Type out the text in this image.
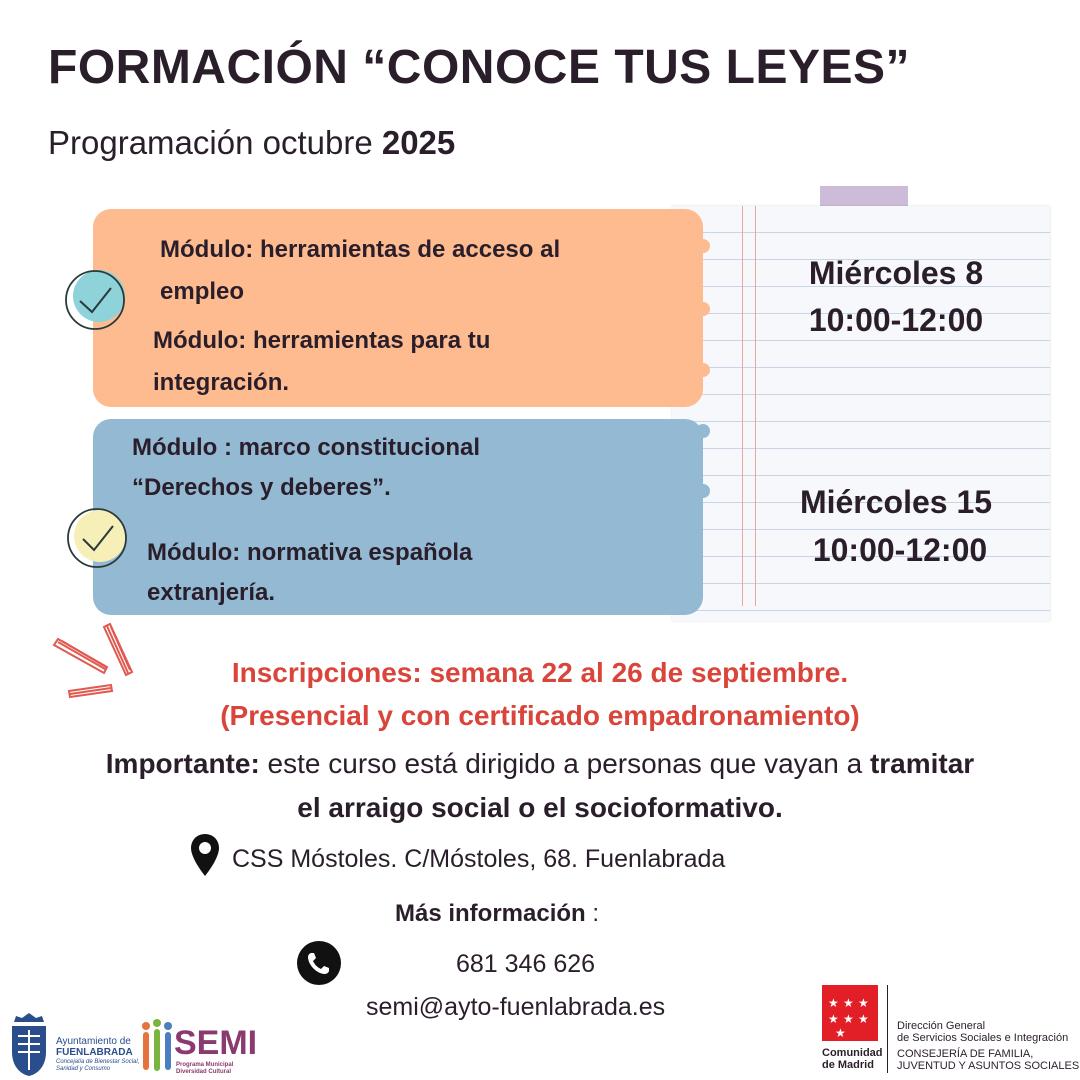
FORMACIÓN “CONOCE TUS LEYES”
Programación octubre 2025
Módulo: herramientas de acceso al
empleo
Módulo: herramientas para tu
integración.
Módulo : marco constitucional
“Derechos y deberes”.
Módulo: normativa española
extranjería.
Miércoles 8
10:00-12:00
Miércoles 15
10:00-12:00
Inscripciones: semana 22 al 26 de septiembre.
(Presencial y con certificado empadronamiento)
Importante: este curso está dirigido a personas que vayan a tramitar
el arraigo social o el socioformativo.
CSS Móstoles. C/Móstoles, 68. Fuenlabrada
Más información :
681 346 626
semi@ayto-fuenlabrada.es
Ayuntamiento de
FUENLABRADA
Concejalía de Bienestar Social,
Sanidad y Consumo
SEMI
Programa Municipal
Diversidad Cultural
★ ★ ★
★ ★ ★
★
Comunidad
de Madrid
Dirección General
de Servicios Sociales e Integración
CONSEJERÍA DE FAMILIA,
JUVENTUD Y ASUNTOS SOCIALES
